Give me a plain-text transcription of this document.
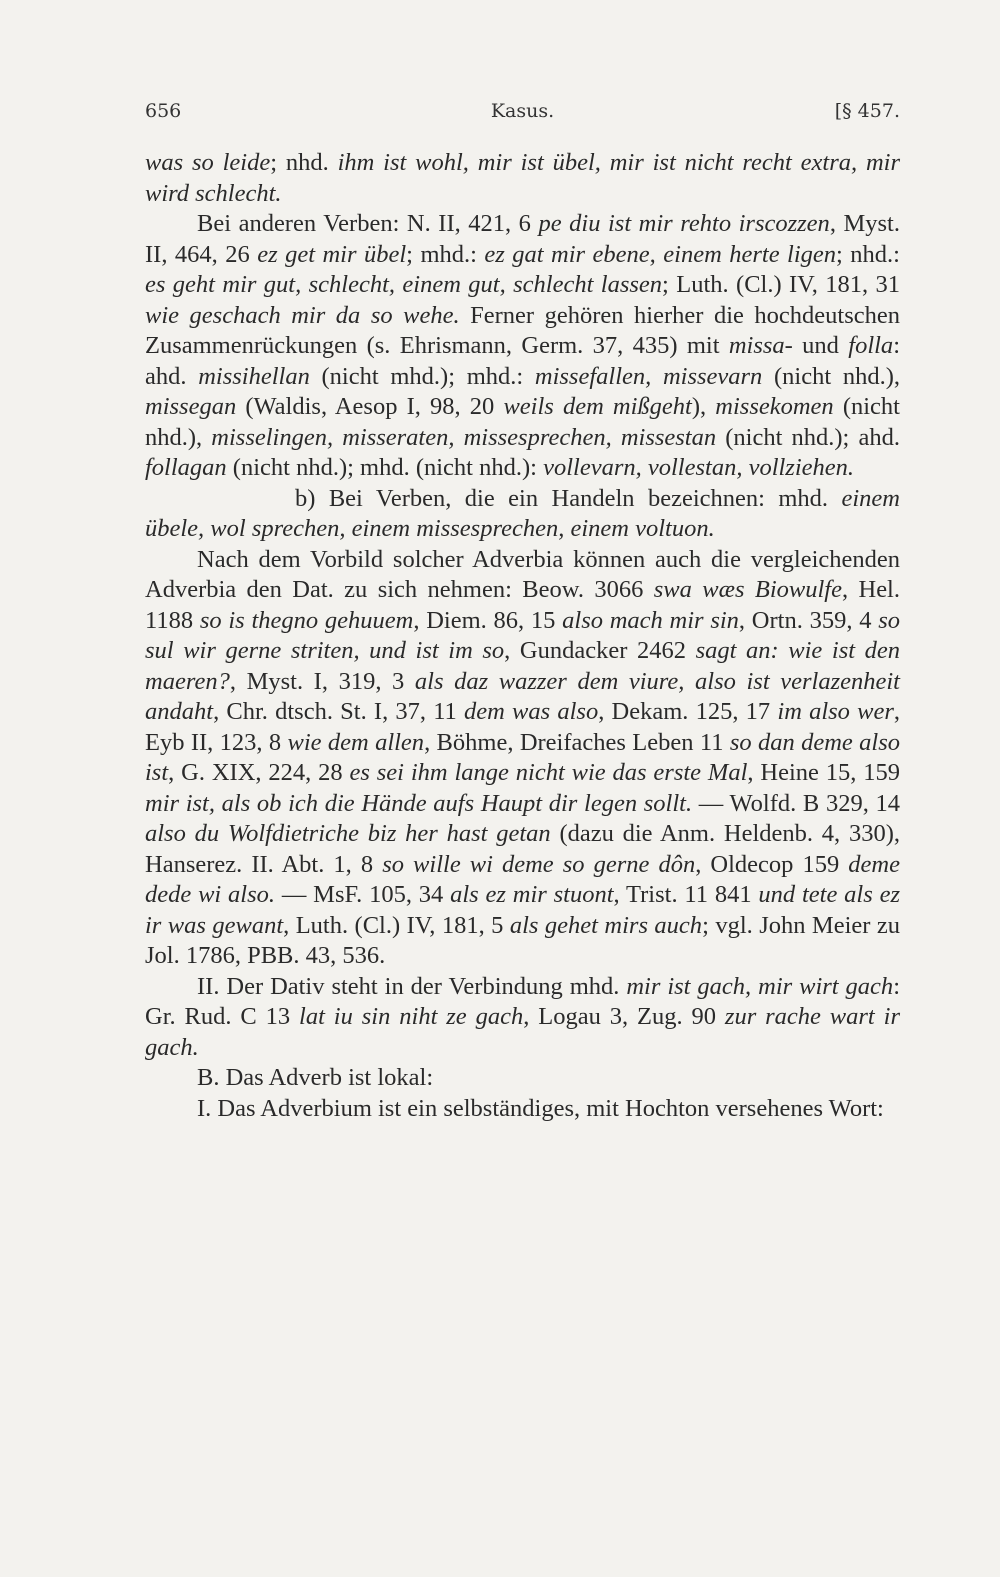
656	Kasus.	[§ 457.

was so leide; nhd. ihm ist wohl, mir ist übel, mir ist nicht recht extra, mir wird schlecht.

Bei anderen Verben: N. II, 421, 6 pe diu ist mir rehto irscozzen, Myst. II, 464, 26 ez get mir übel; mhd.: ez gat mir ebene, einem herte ligen; nhd.: es geht mir gut, schlecht, einem gut, schlecht lassen; Luth. (Cl.) IV, 181, 31 wie geschach mir da so wehe. Ferner gehören hierher die hochdeutschen Zusammenrückungen (s. Ehrismann, Germ. 37, 435) mit missa- und folla: ahd. missihellan (nicht mhd.); mhd.: missefallen, missevarn (nicht nhd.), missegan (Waldis, Aesop I, 98, 20 weils dem mißgeht), missekomen (nicht nhd.), misselingen, misseraten, missesprechen, missestan (nicht nhd.); ahd. follagan (nicht nhd.); mhd. (nicht nhd.): vollevarn, vollestan, vollziehen.

b) Bei Verben, die ein Handeln bezeichnen: mhd. einem übele, wol sprechen, einem missesprechen, einem voltuon.

Nach dem Vorbild solcher Adverbia können auch die vergleichenden Adverbia den Dat. zu sich nehmen: Beow. 3066 swa wæs Biowulfe, Hel. 1188 so is thegno gehuuem, Diem. 86, 15 also mach mir sin, Ortn. 359, 4 so sul wir gerne striten, und ist im so, Gundacker 2462 sagt an: wie ist den maeren?, Myst. I, 319, 3 als daz wazzer dem viure, also ist verlazenheit andaht, Chr. dtsch. St. I, 37, 11 dem was also, Dekam. 125, 17 im also wer, Eyb II, 123, 8 wie dem allen, Böhme, Dreifaches Leben 11 so dan deme also ist, G. XIX, 224, 28 es sei ihm lange nicht wie das erste Mal, Heine 15, 159 mir ist, als ob ich die Hände aufs Haupt dir legen sollt. — Wolfd. B 329, 14 also du Wolfdietriche biz her hast getan (dazu die Anm. Heldenb. 4, 330), Hanserez. II. Abt. 1, 8 so wille wi deme so gerne dôn, Oldecop 159 deme dede wi also. — MsF. 105, 34 als ez mir stuont, Trist. 11 841 und tete als ez ir was gewant, Luth. (Cl.) IV, 181, 5 als gehet mirs auch; vgl. John Meier zu Jol. 1786, PBB. 43, 536.

II. Der Dativ steht in der Verbindung mhd. mir ist gach, mir wirt gach: Gr. Rud. C 13 lat iu sin niht ze gach, Logau 3, Zug. 90 zur rache wart ir gach.

B. Das Adverb ist lokal:

I. Das Adverbium ist ein selbständiges, mit Hochton versehenes Wort:
